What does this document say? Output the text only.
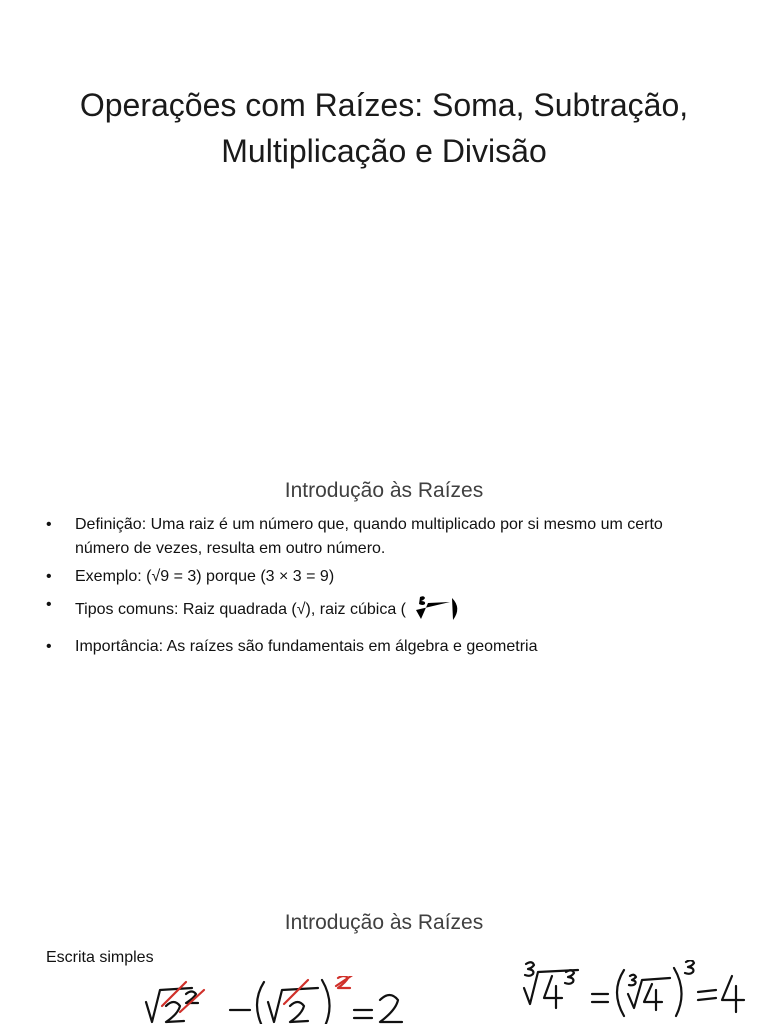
Operações com Raízes: Soma, Subtração,
Multiplicação e Divisão
Introdução às Raízes
• Definição: Uma raiz é um número que, quando multiplicado por si mesmo um certo número de vezes, resulta em outro número.
• Exemplo: (√9 = 3) porque (3 × 3 = 9)
• Tipos comuns: Raiz quadrada (√), raiz cúbica (
• Importância: As raízes são fundamentais em álgebra e geometria
Introdução às Raízes

Escrita simples
